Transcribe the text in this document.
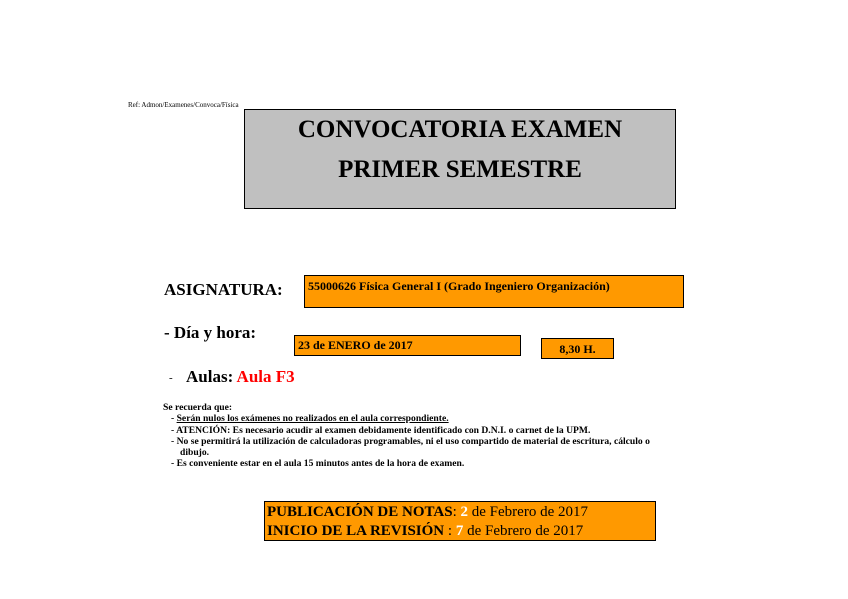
Ref: Admon/Examenes/Convoca/Física
CONVOCATORIA EXAMEN
PRIMER SEMESTRE
ASIGNATURA:	55000626 Física General I (Grado Ingeniero Organización)
- Día y hora:
23 de ENERO de 2017	8,30 H.
- Aulas: Aula F3
Se recuerda que:
- Serán nulos los exámenes no realizados en el aula correspondiente.
- ATENCIÓN: Es necesario acudir al examen debidamente identificado con D.N.I. o carnet de la UPM.
- No se permitirá la utilización de calculadoras programables, ni el uso compartido de material de escritura, cálculo o
dibujo.
- Es conveniente estar en el aula 15 minutos antes de la hora de examen.
PUBLICACIÓN DE NOTAS: 2 de Febrero de 2017
INICIO DE LA REVISIÓN : 7 de Febrero de 2017
